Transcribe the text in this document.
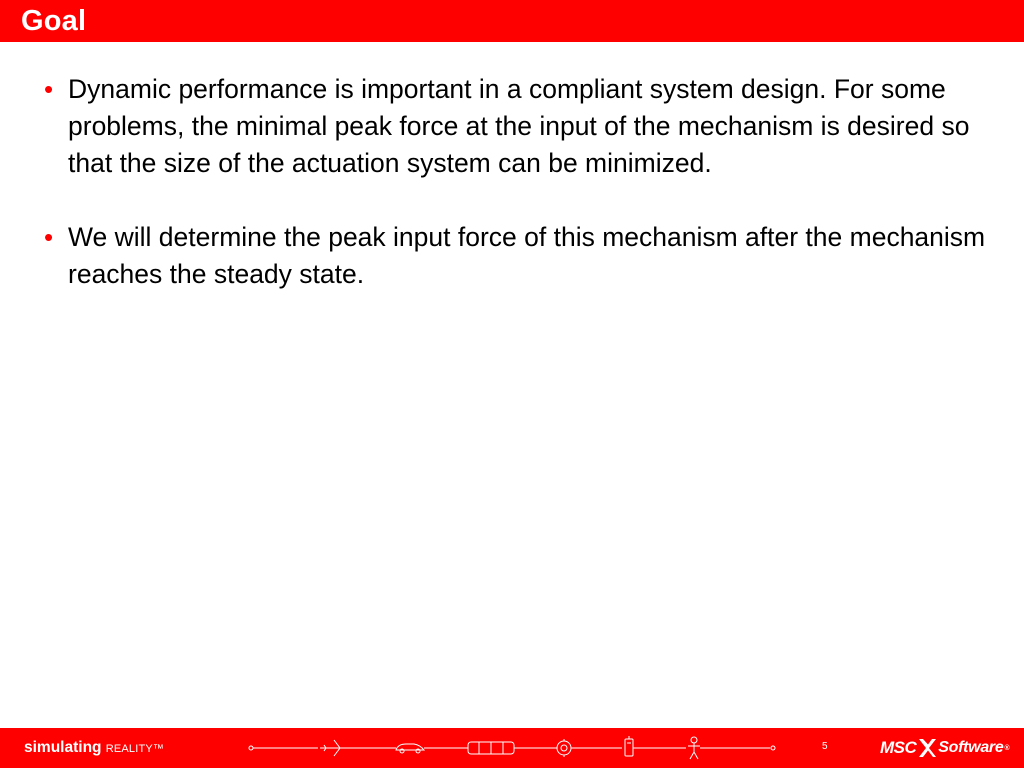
Goal
• Dynamic performance is important in a compliant system design. For some problems, the minimal peak force at the input of the mechanism is desired so that the size of the actuation system can be minimized.
• We will determine the peak input force of this mechanism after the mechanism reaches the steady state.
simulating REALITY™	5	MSC Software ®
